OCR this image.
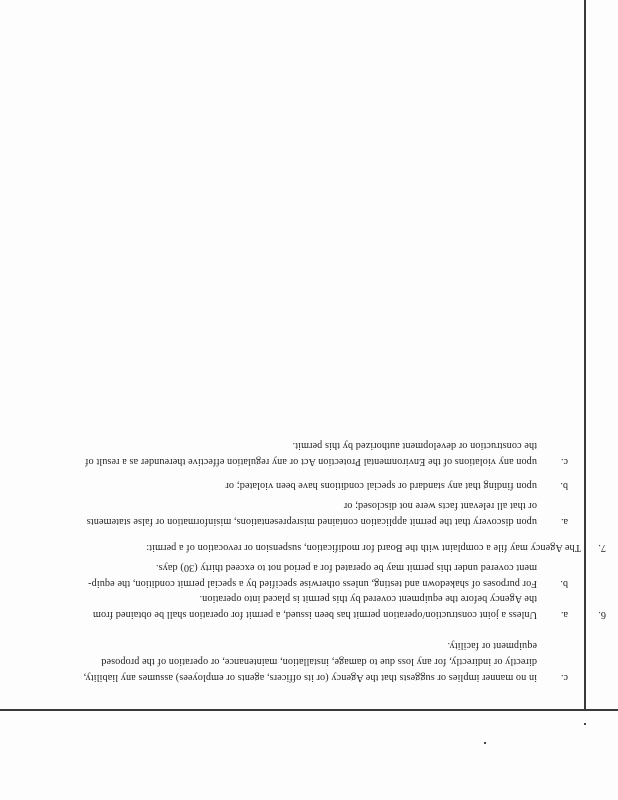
c.
in no manner implies or suggests that the Agency (or its officers, agents or employees) assumes any liability,
directly or indirectly, for any loss due to damage, installation, maintenance, or operation of the proposed
equipment or facility.
6.
a.
Unless a joint construction/operation permit has been issued, a permit for operation shall be obtained from
the Agency before the equipment covered by this permit is placed into operation.
b.
For purposes of shakedown and testing, unless otherwise specified by a special permit condition, the equip-
ment covered under this permit may be operated for a period not to exceed thirty (30) days.
7.
The Agency may file a complaint with the Board for modification, suspension or revocation of a permit:
a.
upon discovery that the permit application contained misrepresentations, misinformation or false statements
or that all relevant facts were not disclosed; or
b.
upon finding that any standard or special conditions have been violated; or
c.
upon any violations of the Environmental Protection Act or any regulation effective thereunder as a result of
the construction or development authorized by this permit.
